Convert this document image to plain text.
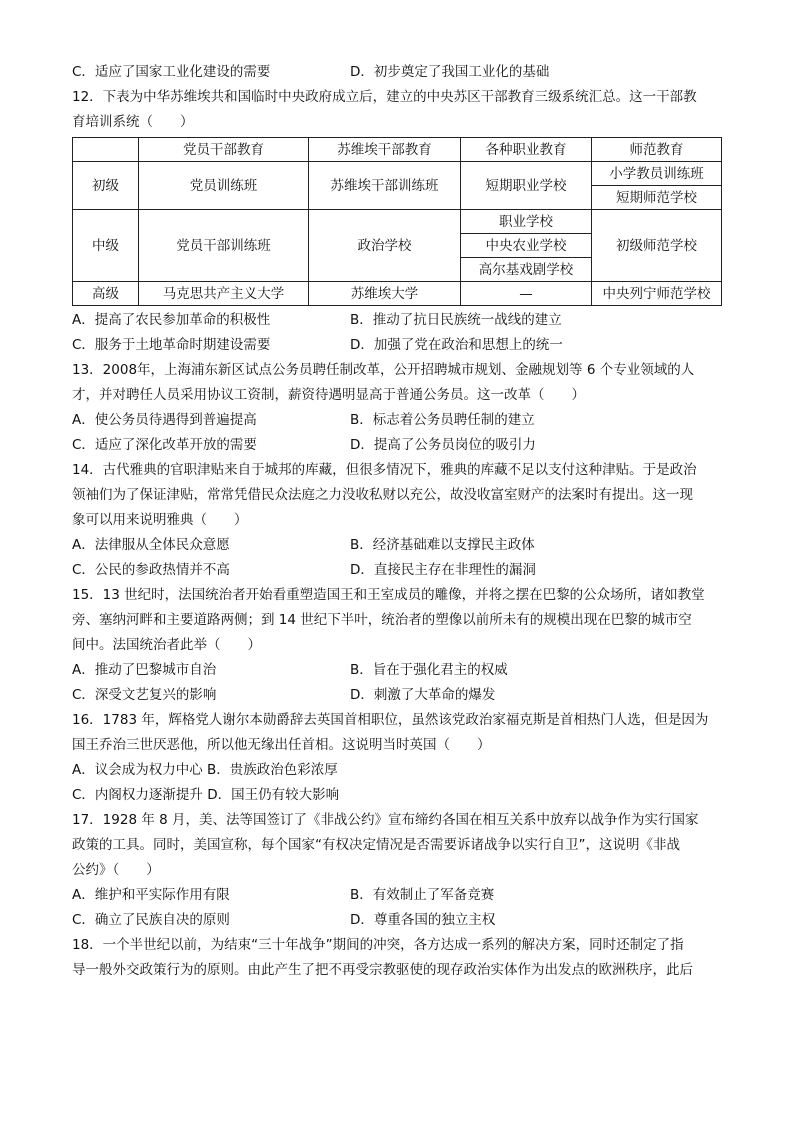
C．适应了国家工业化建设的需要	D．初步奠定了我国工业化的基础
12．下表为中华苏维埃共和国临时中央政府成立后，建立的中央苏区干部教育三级系统汇总。这一干部教
育培训系统（　　）
	党员干部教育	苏维埃干部教育	各种职业教育	师范教育
初级	党员训练班	苏维埃干部训练班	短期职业学校	小学教员训练班
				短期师范学校
中级	党员干部训练班	政治学校	职业学校	初级师范学校
			中央农业学校	
			高尔基戏剧学校	
高级	马克思共产主义大学	苏维埃大学	—	中央列宁师范学校
A．提高了农民参加革命的积极性	B．推动了抗日民族统一战线的建立
C．服务于土地革命时期建设需要	D．加强了党在政治和思想上的统一
13．2008年，上海浦东新区试点公务员聘任制改革，公开招聘城市规划、金融规划等 6 个专业领域的人
才，并对聘任人员采用协议工资制，薪资待遇明显高于普通公务员。这一改革（　　）
A．使公务员待遇得到普遍提高	B．标志着公务员聘任制的建立
C．适应了深化改革开放的需要	D．提高了公务员岗位的吸引力
14．古代雅典的官职津贴来自于城邦的库藏，但很多情况下，雅典的库藏不足以支付这种津贴。于是政治
领袖们为了保证津贴，常常凭借民众法庭之力没收私财以充公，故没收富室财产的法案时有提出。这一现
象可以用来说明雅典（　　）
A．法律服从全体民众意愿	B．经济基础难以支撑民主政体
C．公民的参政热情并不高	D．直接民主存在非理性的漏洞
15．13 世纪时，法国统治者开始看重塑造国王和王室成员的雕像，并将之摆在巴黎的公众场所，诸如教堂
旁、塞纳河畔和主要道路两侧；到 14 世纪下半叶，统治者的塑像以前所未有的规模出现在巴黎的城市空
间中。法国统治者此举（　　）
A．推动了巴黎城市自治	B．旨在于强化君主的权威
C．深受文艺复兴的影响	D．刺激了大革命的爆发
16．1783 年，辉格党人谢尔本勋爵辞去英国首相职位，虽然该党政治家福克斯是首相热门人选，但是因为
国王乔治三世厌恶他，所以他无缘出任首相。这说明当时英国（　　）
A．议会成为权力中心 B．贵族政治色彩浓厚
C．内阁权力逐渐提升 D．国王仍有较大影响
17．1928 年 8 月，美、法等国签订了《非战公约》宣布缔约各国在相互关系中放弃以战争作为实行国家
政策的工具。同时，美国宣称，每个国家“有权决定情况是否需要诉诸战争以实行自卫”，这说明《非战
公约》（　　）
A．维护和平实际作用有限	B．有效制止了军备竞赛
C．确立了民族自决的原则	D．尊重各国的独立主权
18．一个半世纪以前，为结束“三十年战争”期间的冲突，各方达成一系列的解决方案，同时还制定了指
导一般外交政策行为的原则。由此产生了把不再受宗教驱使的现存政治实体作为出发点的欧洲秩序，此后
